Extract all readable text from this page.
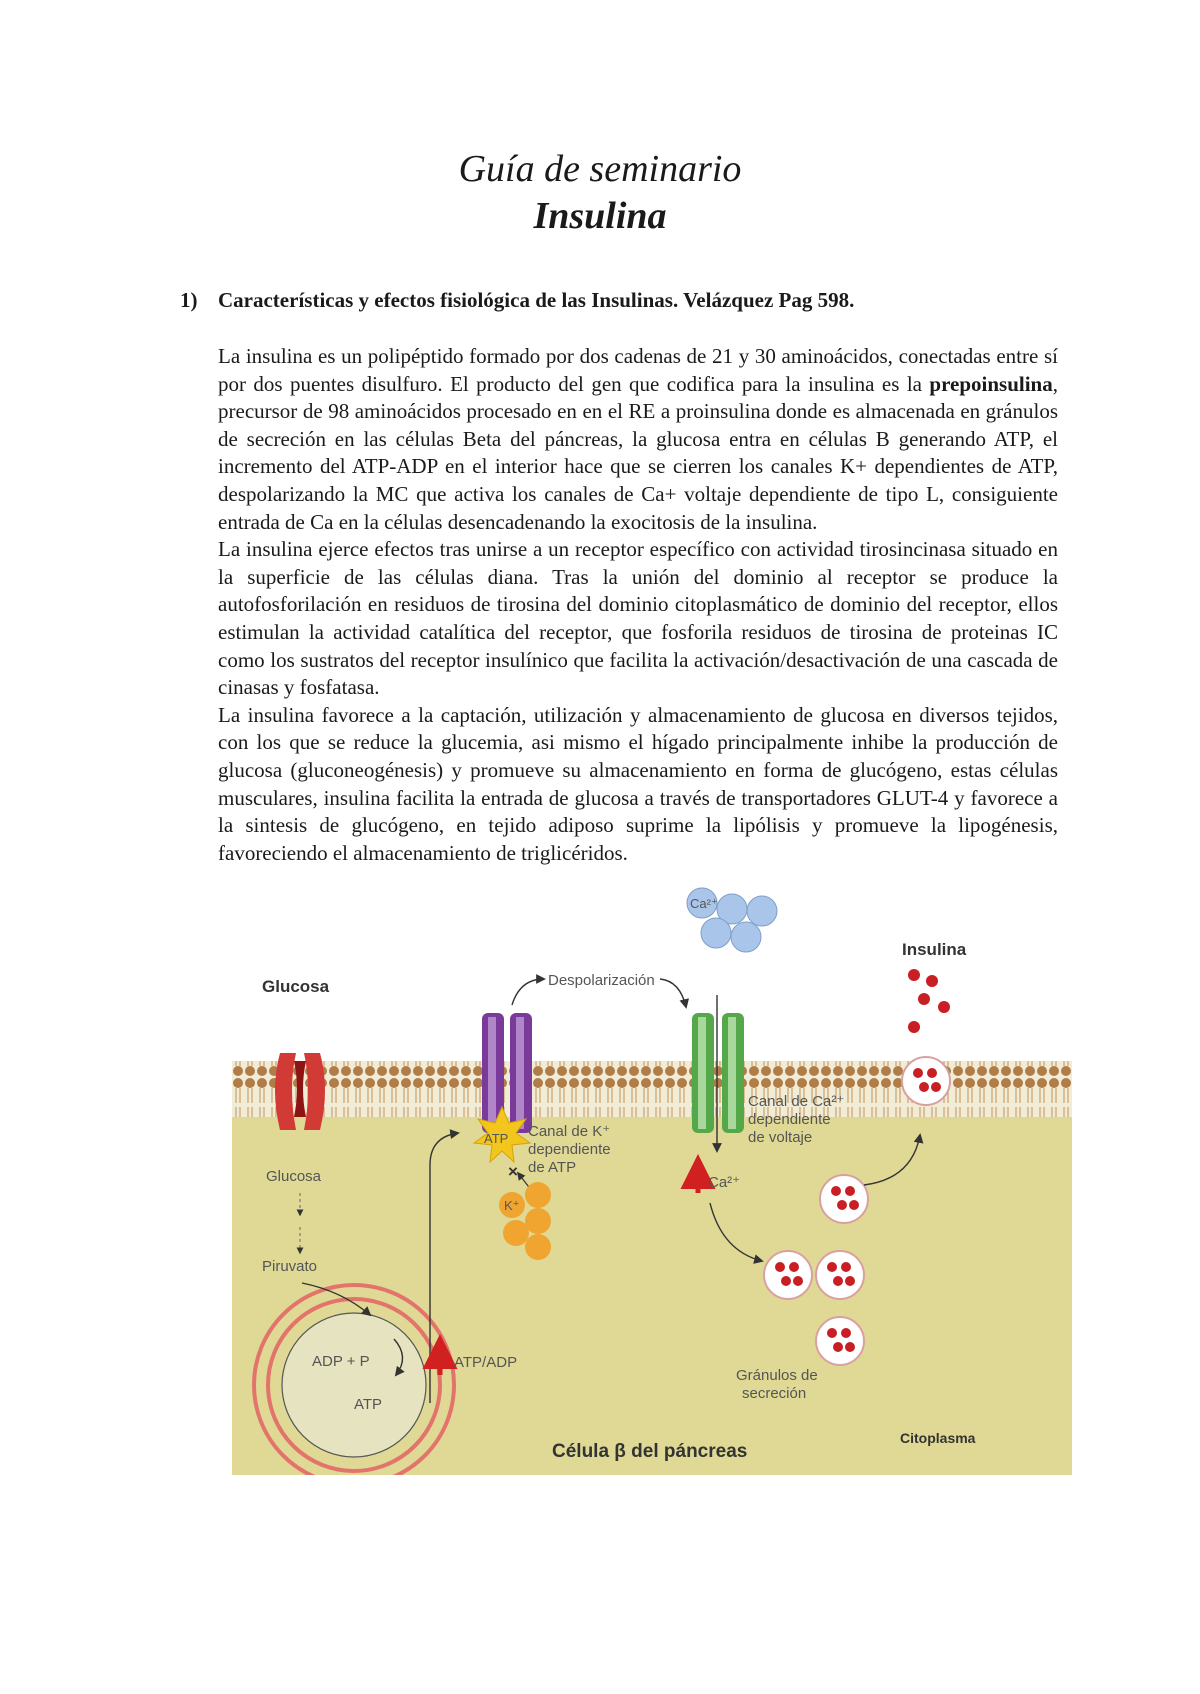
Guía de seminario
Insulina
1) Características y efectos fisiológica de las Insulinas. Velázquez Pag 598.

La insulina es un polipéptido formado por dos cadenas de 21 y 30 aminoácidos, conectadas entre sí por dos puentes disulfuro. El producto del gen que codifica para la insulina es la prepoinsulina, precursor de 98 aminoácidos procesado en en el RE a proinsulina donde es almacenada en gránulos de secreción en las células Beta del páncreas, la glucosa entra en células B generando ATP, el incremento del ATP-ADP en el interior hace que se cierren los canales K+ dependientes de ATP, despolarizando la MC que activa los canales de Ca+ voltaje dependiente de tipo L, consiguiente entrada de Ca en la células desencadenando la exocitosis de la insulina.

La insulina ejerce efectos tras unirse a un receptor específico con actividad tirosincinasa situado en la superficie de las células diana. Tras la unión del dominio al receptor se produce la autofosforilación en residuos de tirosina del dominio citoplasmático de dominio del receptor, ellos estimulan la actividad catalítica del receptor, que fosforila residuos de tirosina de proteinas IC como los sustratos del receptor insulínico que facilita la activación/desactivación de una cascada de cinasas y fosfatasa.

La insulina favorece a la captación, utilización y almacenamiento de glucosa en diversos tejidos, con los que se reduce la glucemia, asi mismo el hígado principalmente inhibe la producción de glucosa (gluconeogénesis) y promueve su almacenamiento en forma de glucógeno, estas células musculares, insulina facilita la entrada de glucosa a través de transportadores GLUT-4 y favorece a la sintesis de glucógeno, en tejido adiposo suprime la lipólisis y promueve la lipogénesis, favoreciendo el almacenamiento de triglicéridos.

Glucosa
Glucosa
Piruvato
ADP + P
ATP
ATP/ADP
ATP Canal de K⁺
dependiente
de ATP
×
K⁺
Despolarización
Canal de Ca²⁺
dependiente
de voltaje
Ca²⁺
Ca²⁺
Gránulos de
secreción
Insulina
Citoplasma
Célula β del páncreas
